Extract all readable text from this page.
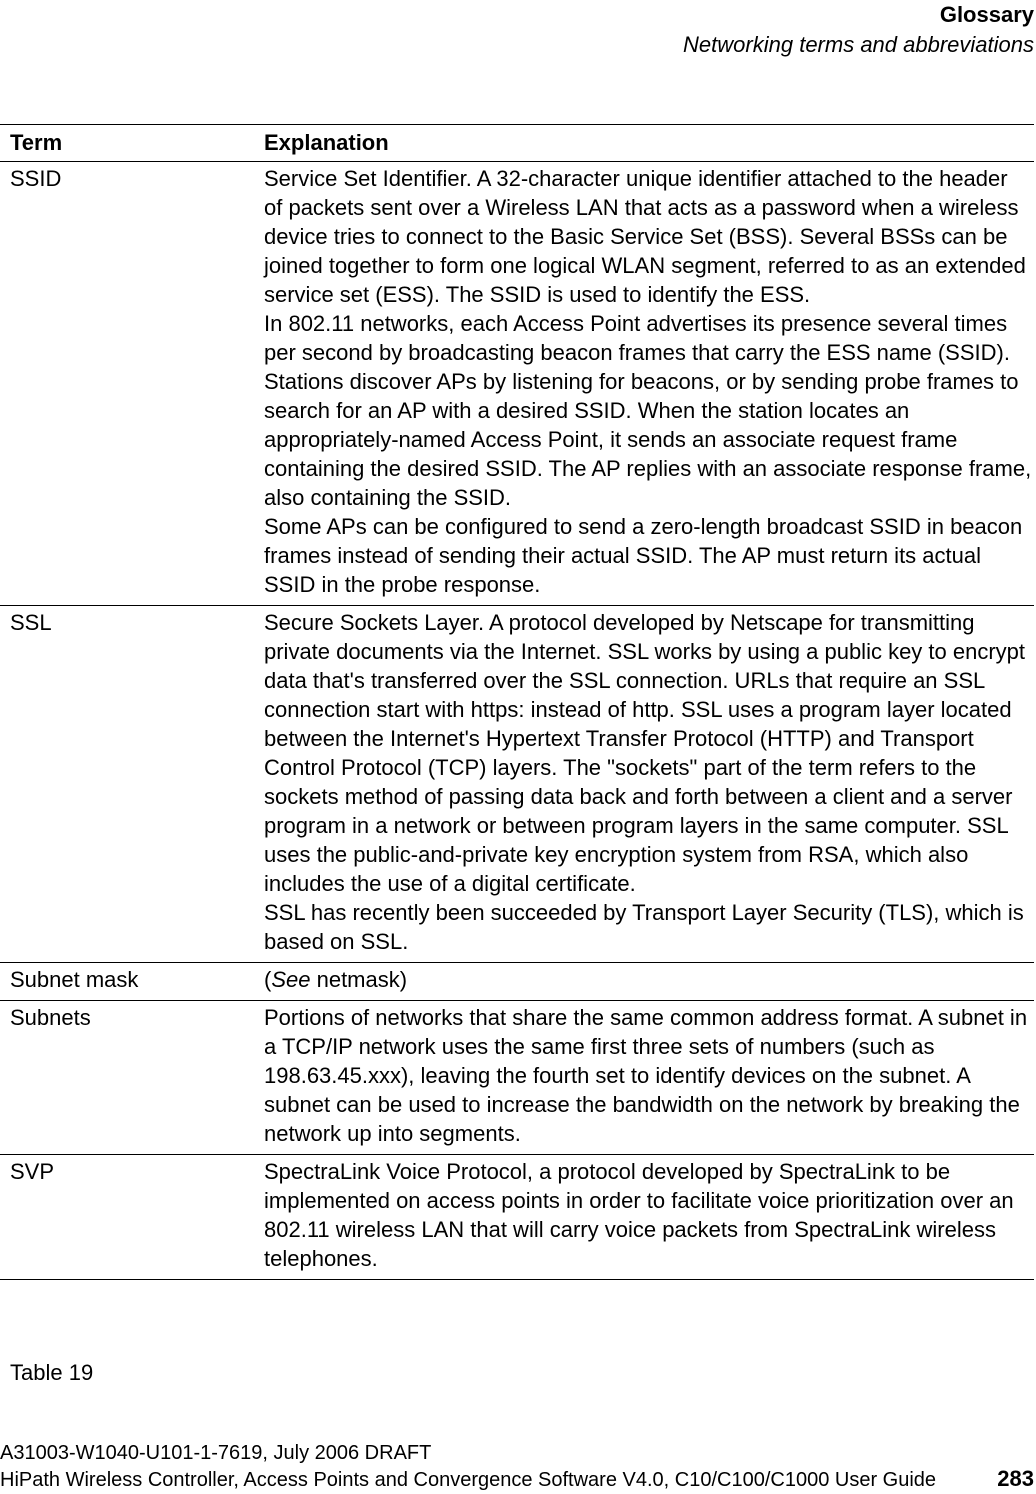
Glossary
Networking terms and abbreviations
Term	Explanation
SSID	Service Set Identifier. A 32-character unique identifier attached to the header of packets sent over a Wireless LAN that acts as a password when a wireless device tries to connect to the Basic Service Set (BSS). Several BSSs can be joined together to form one logical WLAN segment, referred to as an extended service set (ESS). The SSID is used to identify the ESS.

In 802.11 networks, each Access Point advertises its presence several times per second by broadcasting beacon frames that carry the ESS name (SSID). Stations discover APs by listening for beacons, or by sending probe frames to search for an AP with a desired SSID. When the station locates an appropriately-named Access Point, it sends an associate request frame containing the desired SSID. The AP replies with an associate response frame, also containing the SSID.

Some APs can be configured to send a zero-length broadcast SSID in beacon frames instead of sending their actual SSID. The AP must return its actual SSID in the probe response.

SSL	Secure Sockets Layer. A protocol developed by Netscape for transmitting private documents via the Internet. SSL works by using a public key to encrypt data that's transferred over the SSL connection. URLs that require an SSL connection start with https: instead of http. SSL uses a program layer located between the Internet's Hypertext Transfer Protocol (HTTP) and Transport Control Protocol (TCP) layers. The "sockets" part of the term refers to the sockets method of passing data back and forth between a client and a server program in a network or between program layers in the same computer. SSL uses the public-and-private key encryption system from RSA, which also includes the use of a digital certificate.

SSL has recently been succeeded by Transport Layer Security (TLS), which is based on SSL.

Subnet mask	(See netmask)

Subnets	Portions of networks that share the same common address format. A subnet in a TCP/IP network uses the same first three sets of numbers (such as 198.63.45.xxx), leaving the fourth set to identify devices on the subnet. A subnet can be used to increase the bandwidth on the network by breaking the network up into segments.

SVP	SpectraLink Voice Protocol, a protocol developed by SpectraLink to be implemented on access points in order to facilitate voice prioritization over an 802.11 wireless LAN that will carry voice packets from SpectraLink wireless telephones.

Table 19
A31003-W1040-U101-1-7619, July 2006 DRAFT
HiPath Wireless Controller, Access Points and Convergence Software V4.0, C10/C100/C1000 User Guide	283
